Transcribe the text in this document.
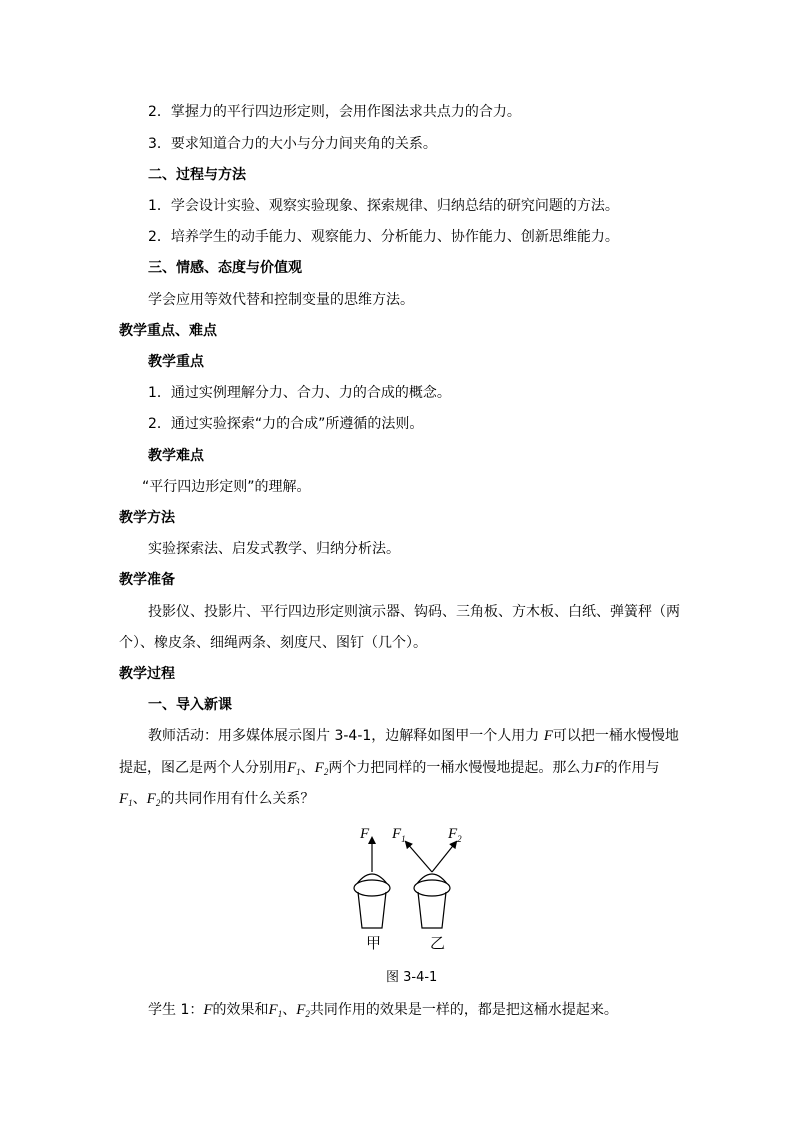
2．掌握力的平行四边形定则，会用作图法求共点力的合力。
3．要求知道合力的大小与分力间夹角的关系。
二、过程与方法
1．学会设计实验、观察实验现象、探索规律、归纳总结的研究问题的方法。
2．培养学生的动手能力、观察能力、分析能力、协作能力、创新思维能力。
三、情感、态度与价值观
学会应用等效代替和控制变量的思维方法。
教学重点、难点
教学重点
1．通过实例理解分力、合力、力的合成的概念。
2．通过实验探索“力的合成”所遵循的法则。
教学难点
“平行四边形定则”的理解。
教学方法
实验探索法、启发式教学、归纳分析法。
教学准备
投影仪、投影片、平行四边形定则演示器、钩码、三角板、方木板、白纸、弹簧秤（两
个）、橡皮条、细绳两条、刻度尺、图钉（几个）。
教学过程
一、导入新课
教师活动：用多媒体展示图片 3-4-1，边解释如图甲一个人用力 F可以把一桶水慢慢地
提起，图乙是两个人分别用$F_1$、$F_2$两个力把同样的一桶水慢慢地提起。那么力F的作用与
$F_1$、$F_2$的共同作用有什么关系？
F $F_1$	$F_2$
甲	乙
图 3-4-1
学生 1：F的效果和$F_1$、$F_2$共同作用的效果是一样的，都是把这桶水提起来。
